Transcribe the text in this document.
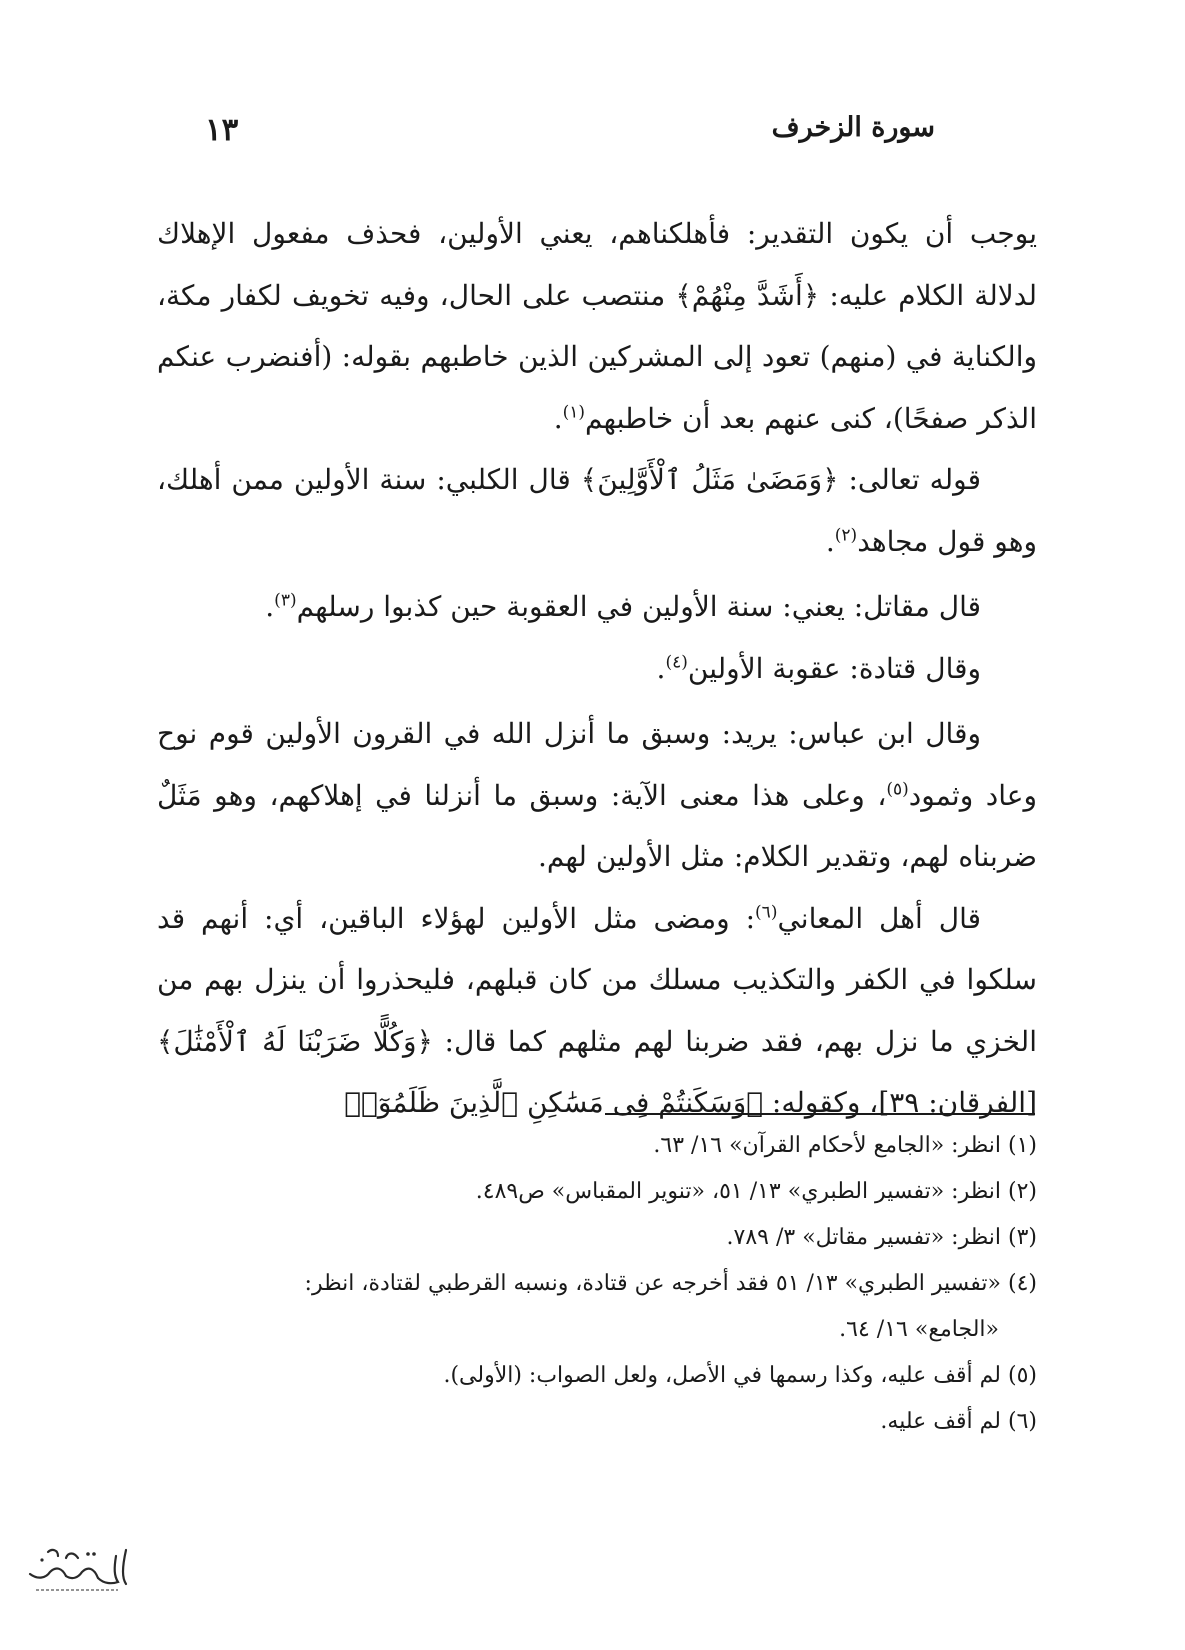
سورة الزخرف
١٣

يوجب أن يكون التقدير: فأهلكناهم، يعني الأولين، فحذف مفعول الإهلاك لدلالة الكلام عليه: ﴿أَشَدَّ مِنْهُمْ﴾ منتصب على الحال، وفيه تخويف لكفار مكة، والكناية في (منهم) تعود إلى المشركين الذين خاطبهم بقوله: (أفنضرب عنكم الذكر صفحًا)، كنى عنهم بعد أن خاطبهم$^{(١)}$.

قوله تعالى: ﴿وَمَضَىٰ مَثَلُ ٱلْأَوَّلِينَ﴾ قال الكلبي: سنة الأولين ممن أهلك، وهو قول مجاهد$^{(٢)}$.

قال مقاتل: يعني: سنة الأولين في العقوبة حين كذبوا رسلهم$^{(٣)}$.

وقال قتادة: عقوبة الأولين$^{(٤)}$.

وقال ابن عباس: يريد: وسبق ما أنزل الله في القرون الأولين قوم نوح وعاد وثمود$^{(٥)}$، وعلى هذا معنى الآية: وسبق ما أنزلنا في إهلاكهم، وهو مَثَلٌ ضربناه لهم، وتقدير الكلام: مثل الأولين لهم.

قال أهل المعاني$^{(٦)}$: ومضى مثل الأولين لهؤلاء الباقين، أي: أنهم قد سلكوا في الكفر والتكذيب مسلك من كان قبلهم، فليحذروا أن ينزل بهم من الخزي ما نزل بهم، فقد ضربنا لهم مثلهم كما قال: ﴿وَكُلًّا ضَرَبْنَا لَهُ ٱلْأَمْثَٰلَ﴾ [الفرقان: ٣٩]، وكقوله: ﴿وَسَكَنتُمْ فِى مَسَٰكِنِ ٱلَّذِينَ ظَلَمُوٓا۟

(١) انظر: «الجامع لأحكام القرآن» ١٦/ ٦٣.

(٢) انظر: «تفسير الطبري» ١٣/ ٥١، «تنوير المقباس» ص٤٨٩.

(٣) انظر: «تفسير مقاتل» ٣/ ٧٨٩.

(٤) «تفسير الطبري» ١٣/ ٥١ فقد أخرجه عن قتادة، ونسبه القرطبي لقتادة، انظر:

«الجامع» ١٦/ ٦٤.

(٥) لم أقف عليه، وكذا رسمها في الأصل، ولعل الصواب: (الأولى).

(٦) لم أقف عليه.
